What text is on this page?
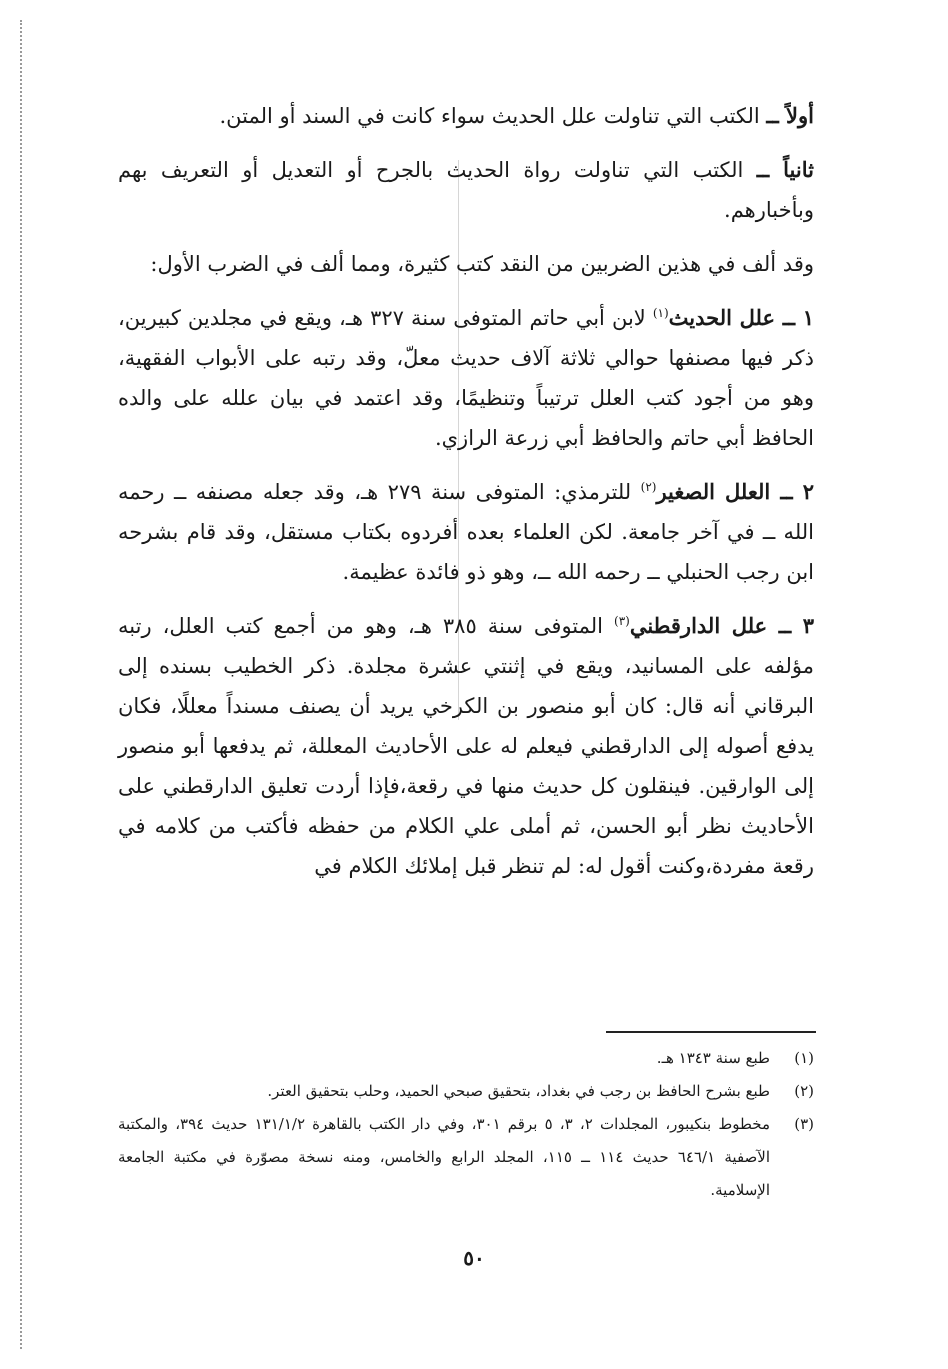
أولاً ــ الكتب التي تناولت علل الحديث سواء كانت في السند أو المتن.

ثانياً ــ الكتب التي تناولت رواة الحديث بالجرح أو التعديل أو التعريف بهم وبأخبارهم.

وقد ألف في هذين الضربين من النقد كتب كثيرة، ومما ألف في الضرب الأول:

١ ــ علل الحديث$^{(١)}$ لابن أبي حاتم المتوفى سنة ٣٢٧ هـ، ويقع في مجلدين كبيرين، ذكر فيها مصنفها حوالي ثلاثة آلاف حديث معلّ، وقد رتبه على الأبواب الفقهية، وهو من أجود كتب العلل ترتيباً وتنظيمًا، وقد اعتمد في بيان علله على والده الحافظ أبي حاتم والحافظ أبي زرعة الرازي.

٢ ــ العلل الصغير$^{(٢)}$ للترمذي: المتوفى سنة ٢٧٩ هـ، وقد جعله مصنفه ــ رحمه الله ــ في آخر جامعة. لكن العلماء بعده أفردوه بكتاب مستقل، وقد قام بشرحه ابن رجب الحنبلي ــ رحمه الله ــ، وهو ذو فائدة عظيمة.

٣ ــ علل الدارقطني$^{(٣)}$ المتوفى سنة ٣٨٥ هـ، وهو من أجمع كتب العلل، رتبه مؤلفه على المسانيد، ويقع في إثنتي عشرة مجلدة. ذكر الخطيب بسنده إلى البرقاني أنه قال: كان أبو منصور بن الكرخي يريد أن يصنف مسنداً معللًا، فكان يدفع أصوله إلى الدارقطني فيعلم له على الأحاديث المعللة، ثم يدفعها أبو منصور إلى الوارقين. فينقلون كل حديث منها في رقعة،فإذا أردت تعليق الدارقطني على الأحاديث نظر أبو الحسن، ثم أملى علي الكلام من حفظه فأكتب من كلامه في رقعة مفردة،وكنت أقول له: لم تنظر قبل إملائك الكلام في

(١)
طبع سنة ١٣٤٣ هـ.
(٢)
طبع بشرح الحافظ بن رجب في بغداد، بتحقيق صبحي الحميد، وحلب بتحقيق العتر.
(٣)
مخطوط بنكيبور، المجلدات ٢، ٣، ٥ برقم ٣٠١، وفي دار الكتب بالقاهرة ١٣١/١/٢ حديث ٣٩٤، والمكتبة الآصفية ٦٤٦/١ حديث ١١٤ ــ ١١٥، المجلد الرابع والخامس، ومنه نسخة مصوّرة في مكتبة الجامعة الإسلامية.
٥٠
